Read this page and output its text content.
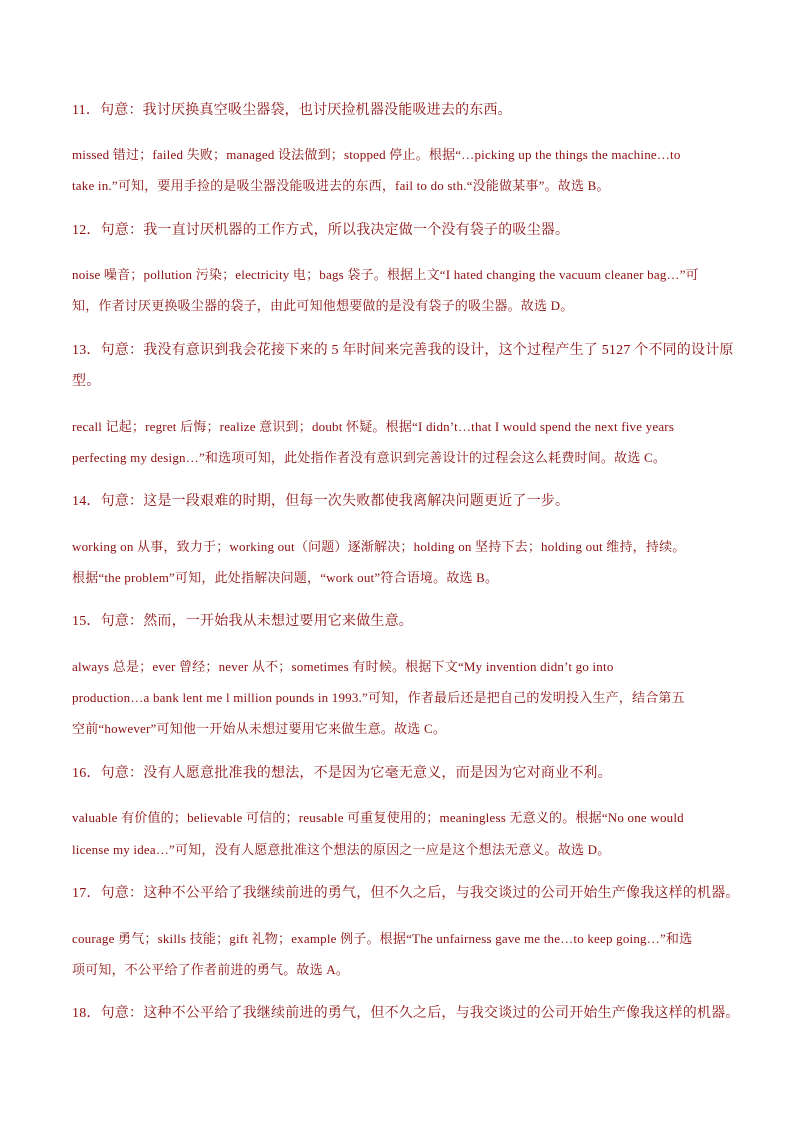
11．句意：我讨厌换真空吸尘器袋，也讨厌捡机器没能吸进去的东西。
missed 错过；failed 失败；managed 设法做到；stopped 停止。根据“…picking up the things the machine…to
take in.”可知，要用手捡的是吸尘器没能吸进去的东西，fail to do sth.“没能做某事”。故选 B。
12．句意：我一直讨厌机器的工作方式，所以我决定做一个没有袋子的吸尘器。
noise 噪音；pollution 污染；electricity 电；bags 袋子。根据上文“I hated changing the vacuum cleaner bag…”可
知，作者讨厌更换吸尘器的袋子，由此可知他想要做的是没有袋子的吸尘器。故选 D。
13．句意：我没有意识到我会花接下来的 5 年时间来完善我的设计，这个过程产生了 5127 个不同的设计原
型。
recall 记起；regret 后悔；realize 意识到；doubt 怀疑。根据“I didn’t…that I would spend the next five years
perfecting my design…”和选项可知，此处指作者没有意识到完善设计的过程会这么耗费时间。故选 C。
14．句意：这是一段艰难的时期，但每一次失败都使我离解决问题更近了一步。
working on 从事，致力于；working out（问题）逐渐解决；holding on 坚持下去；holding out 维持，持续。
根据“the problem”可知，此处指解决问题，“work out”符合语境。故选 B。
15．句意：然而，一开始我从未想过要用它来做生意。
always 总是；ever 曾经；never 从不；sometimes 有时候。根据下文“My invention didn’t go into
production…a bank lent me l million pounds in 1993.”可知，作者最后还是把自己的发明投入生产，结合第五
空前“however”可知他一开始从未想过要用它来做生意。故选 C。
16．句意：没有人愿意批准我的想法，不是因为它毫无意义，而是因为它对商业不利。
valuable 有价值的；believable 可信的；reusable 可重复使用的；meaningless 无意义的。根据“No one would
license my idea…”可知，没有人愿意批准这个想法的原因之一应是这个想法无意义。故选 D。
17．句意：这种不公平给了我继续前进的勇气，但不久之后，与我交谈过的公司开始生产像我这样的机器。
courage 勇气；skills 技能；gift 礼物；example 例子。根据“The unfairness gave me the…to keep going…”和选
项可知，不公平给了作者前进的勇气。故选 A。
18．句意：这种不公平给了我继续前进的勇气，但不久之后，与我交谈过的公司开始生产像我这样的机器。
